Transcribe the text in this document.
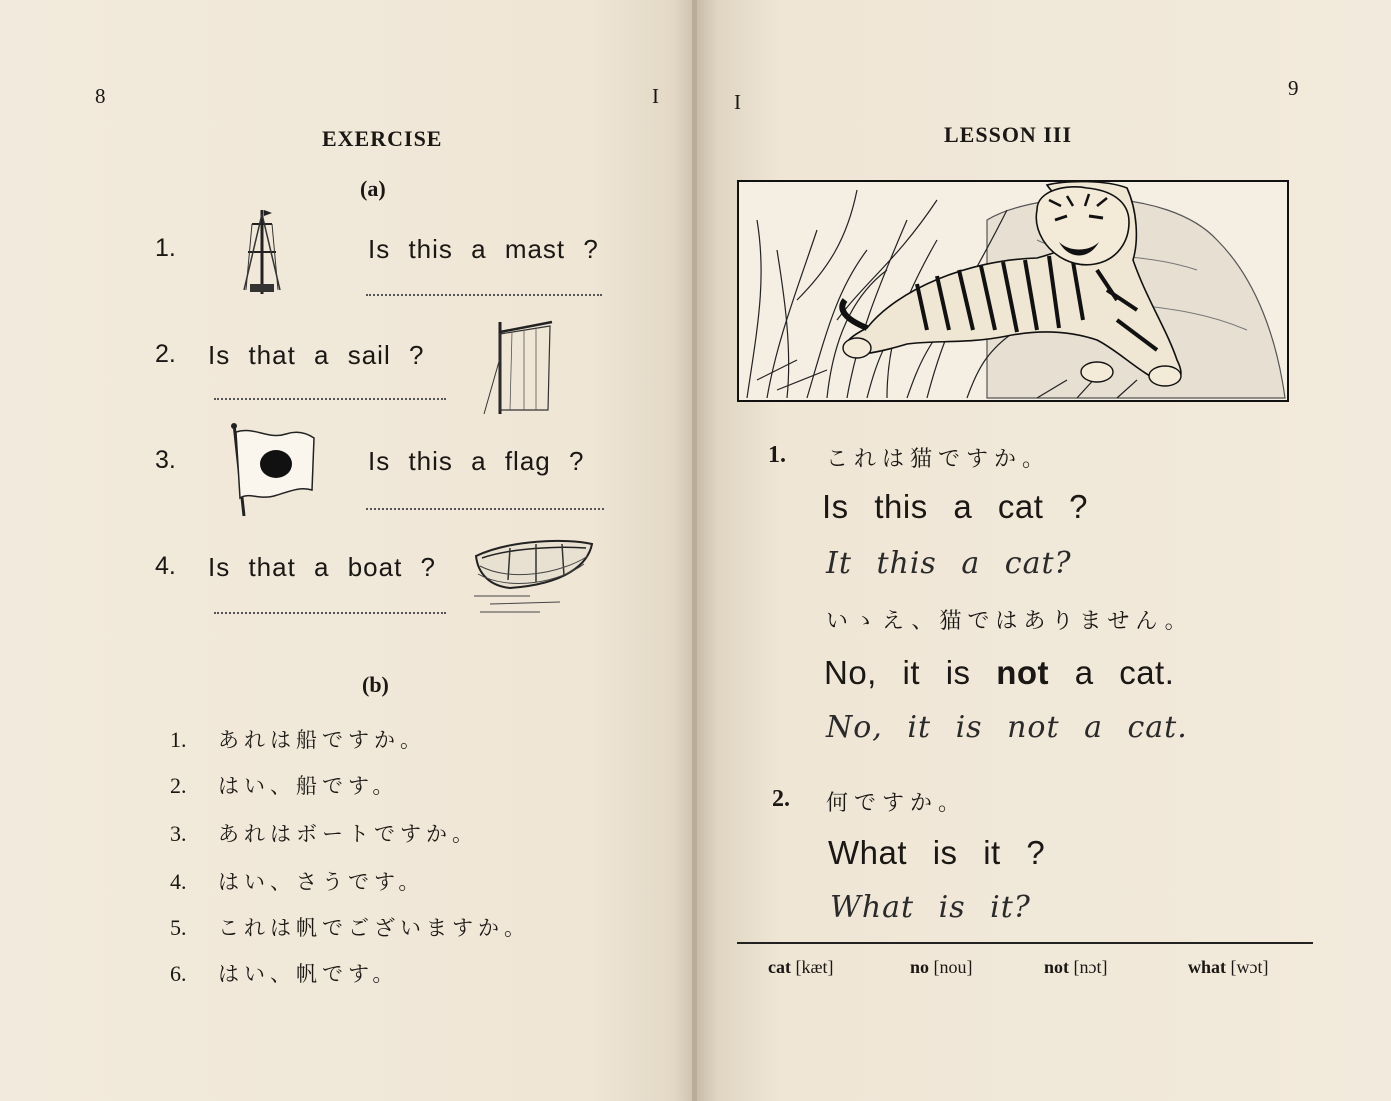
8	I
EXERCISE
(a)
1.	Is this a mast ?
2. Is that a sail ?
3.	Is this a flag ?
4. Is that a boat ?
(b)
1. あれは船ですか。
2. はい、船です。
3. あれはボートですか。
4. はい、さうです。
5. これは帆でございますか。
6. はい、帆です。
I
9
LESSON III
1. これは猫ですか。
Is this a cat ?
It this a cat?
いゝえ、猫ではありません。
No, it is not a cat.
No, it is not a cat.
2. 何ですか。
What is it ?
What is it?
cat [kæt]	no [nou]	not [nɔt]	what [wɔt]
